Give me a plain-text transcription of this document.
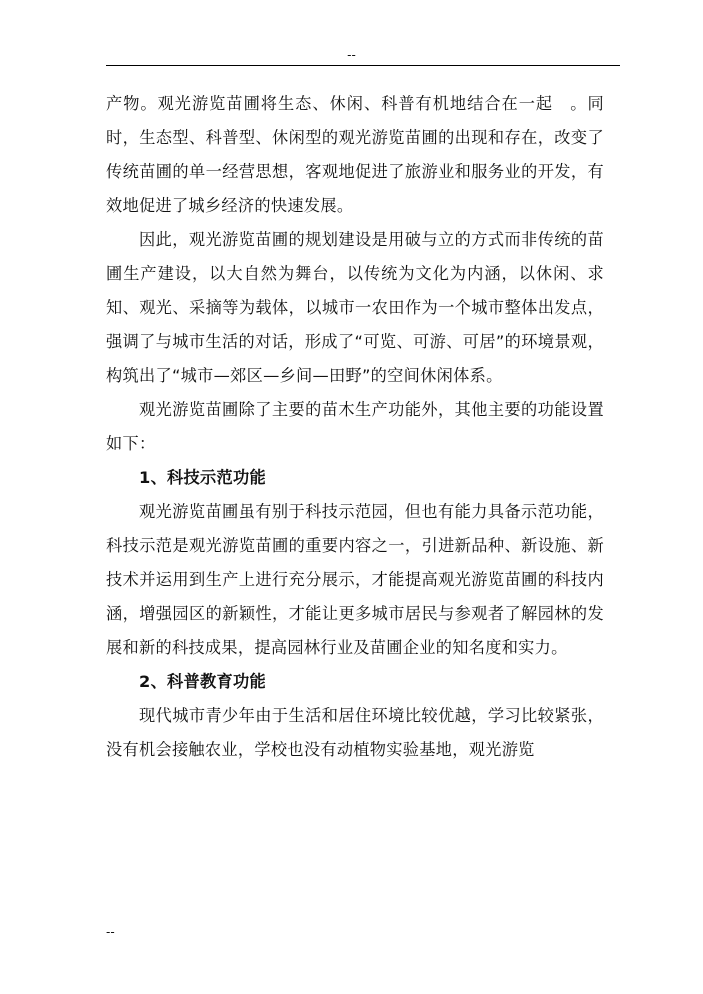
--

产物。观光游览苗圃将生态、休闲、科普有机地结合在一起　。同时，生态型、科普型、休闲型的观光游览苗圃的出现和存在，改变了传统苗圃的单一经营思想，客观地促进了旅游业和服务业的开发，有效地促进了城乡经济的快速发展。

因此，观光游览苗圃的规划建设是用破与立的方式而非传统的苗圃生产建设，以大自然为舞台，以传统为文化为内涵，以休闲、求知、观光、采摘等为载体，以城市一农田作为一个城市整体出发点，强调了与城市生活的对话，形成了“可览、可游、可居”的环境景观，构筑出了“城市—郊区—乡间—田野”的空间休闲体系。

观光游览苗圃除了主要的苗木生产功能外，其他主要的功能设置如下：

1、科技示范功能

观光游览苗圃虽有别于科技示范园，但也有能力具备示范功能，科技示范是观光游览苗圃的重要内容之一，引进新品种、新设施、新技术并运用到生产上进行充分展示，才能提高观光游览苗圃的科技内涵，增强园区的新颖性，才能让更多城市居民与参观者了解园林的发展和新的科技成果，提高园林行业及苗圃企业的知名度和实力。

2、科普教育功能

现代城市青少年由于生活和居住环境比较优越，学习比较紧张，没有机会接触农业，学校也没有动植物实验基地，观光游览

--
